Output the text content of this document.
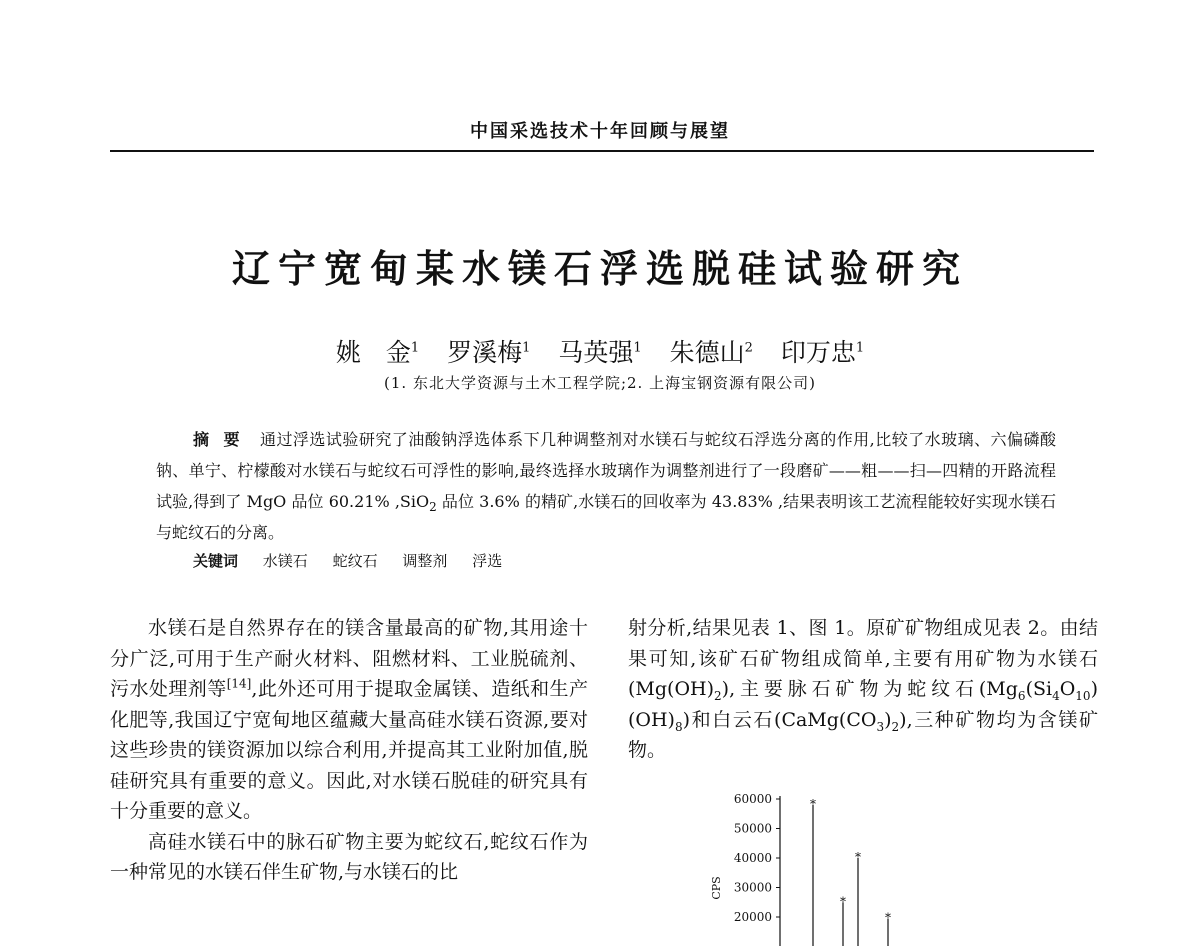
中国采选技术十年回顾与展望
辽宁宽甸某水镁石浮选脱硅试验研究
姚　金$^1$ 罗溪梅$^1$ 马英强$^1$ 朱德山$^2$ 印万忠$^1$
(1. 东北大学资源与土木工程学院;2. 上海宝钢资源有限公司)
摘要 通过浮选试验研究了油酸钠浮选体系下几种调整剂对水镁石与蛇纹石浮选分离的作用,比较了水玻璃、六偏磷酸钠、单宁、柠檬酸对水镁石与蛇纹石可浮性的影响,最终选择水玻璃作为调整剂进行了一段磨矿——粗——扫—四精的开路流程试验,得到了 MgO 品位 60.21% ,SiO$_2$ 品位 3.6% 的精矿,水镁石的回收率为 43.83% ,结果表明该工艺流程能较好实现水镁石与蛇纹石的分离。
关键词 水镁石 蛇纹石 调整剂 浮选

水镁石是自然界存在的镁含量最高的矿物,其用途十分广泛,可用于生产耐火材料、阻燃材料、工业脱硫剂、污水处理剂等[14],此外还可用于提取金属镁、造纸和生产化肥等,我国辽宁宽甸地区蕴藏大量高硅水镁石资源,要对这些珍贵的镁资源加以综合利用,并提高其工业附加值,脱硅研究具有重要的意义。因此,对水镁石脱硅的研究具有十分重要的意义。

高硅水镁石中的脉石矿物主要为蛇纹石,蛇纹石作为一种常见的水镁石伴生矿物,与水镁石的比

射分析,结果见表 1、图 1。原矿矿物组成见表 2。由结果可知,该矿石矿物组成简单,主要有用矿物为水镁石$(Mg(OH)_2)$,主要脉石矿物为蛇纹石$(Mg_6(Si_4O_{10})(OH)_8)$和白云石$(CaMg(CO_3)_2)$,三种矿物均为含镁矿物。

60000
50000
40000
30000
20000
CPS
*
*
*
*
